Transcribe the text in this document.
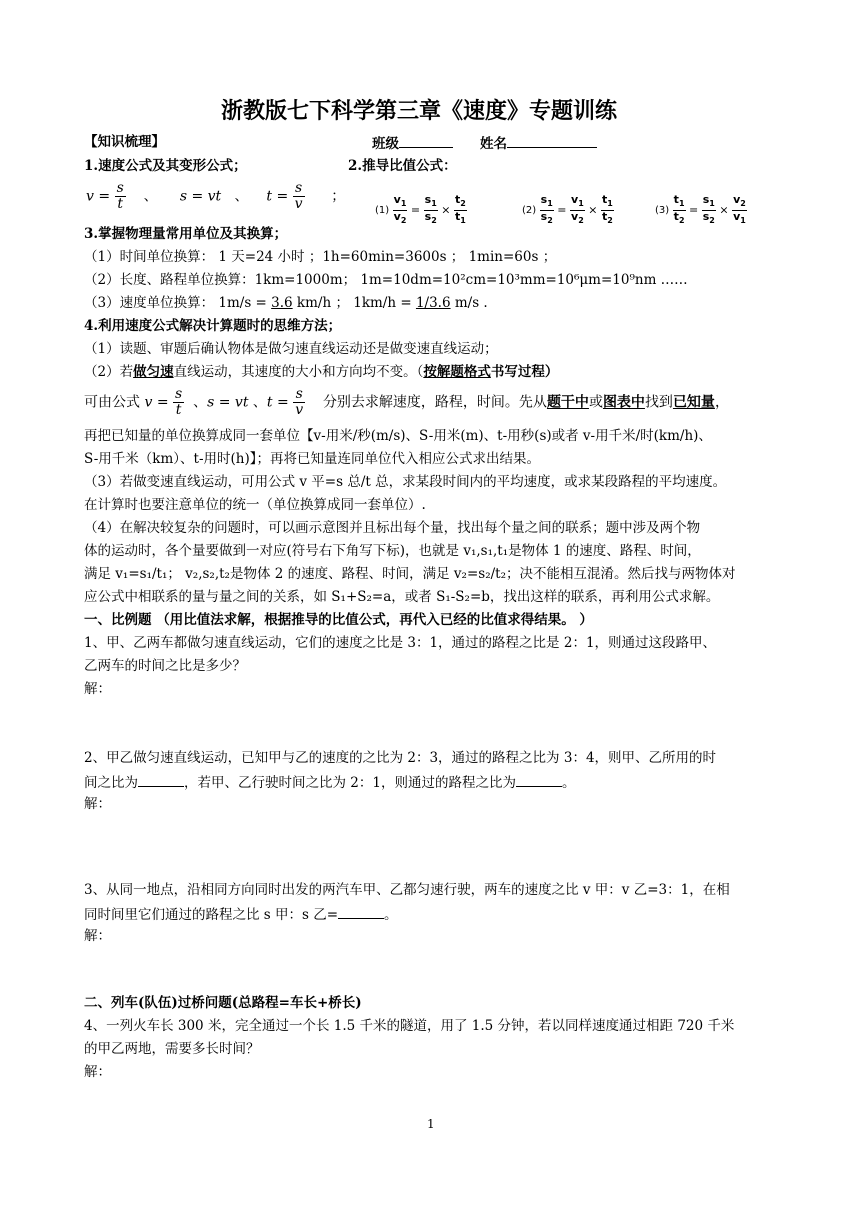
浙教版七下科学第三章《速度》专题训练
【知识梳理】	班级	姓名
1.速度公式及其变形公式；	2.推导比值公式：
$v = \frac{s}{t}$ 、 s = vt 、 $t = \frac{s}{v}$ ；
$(1) \frac{v_1}{v_2} = \frac{s_1}{s_2} \times \frac{t_2}{t_1}$	$(2) \frac{s_1}{s_2} = \frac{v_1}{v_2} \times \frac{t_1}{t_2}$	$(3) \frac{t_1}{t_2} = \frac{s_1}{s_2} \times \frac{v_2}{v_1}$
3.掌握物理量常用单位及其换算；
（1）时间单位换算： 1 天=24 小时 ；1h=60min=3600s ； 1min=60s ；
（2）长度、路程单位换算：1km=1000m； 1m=10dm=10²cm=10³mm=10⁶μm=10⁹nm ……
（3）速度单位换算： 1m/s = 3.6 km/h ； 1km/h = 1/3.6 m/s .
4.利用速度公式解决计算题时的思维方法；
（1）读题、审题后确认物体是做匀速直线运动还是做变速直线运动；
（2）若做匀速直线运动，其速度的大小和方向均不变。（按解题格式书写过程）
可由公式 $v = \frac{s}{t}$ 、s = vt 、$t = \frac{s}{v}$ 分别去求解速度，路程，时间。先从题干中或图表中找到已知量，
再把已知量的单位换算成同一套单位【v-用米/秒(m/s)、S-用米(m)、t-用秒(s)或者 v-用千米/时(km/h)、
S-用千米（km）、t-用时(h)】；再将已知量连同单位代入相应公式求出结果。
（3）若做变速直线运动，可用公式 v 平=s 总/t 总，求某段时间内的平均速度，或求某段路程的平均速度。
在计算时也要注意单位的统一（单位换算成同一套单位）.
（4）在解决较复杂的问题时，可以画示意图并且标出每个量，找出每个量之间的联系；题中涉及两个物
体的运动时，各个量要做到一对应(符号右下角写下标)，也就是 v₁,s₁,t₁是物体 1 的速度、路程、时间，
满足 v₁=s₁/t₁； v₂,s₂,t₂是物体 2 的速度、路程、时间，满足 v₂=s₂/t₂；决不能相互混淆。然后找与两物体对
应公式中相联系的量与量之间的关系，如 S₁+S₂=a，或者 S₁-S₂=b，找出这样的联系，再利用公式求解。
一、比例题 （用比值法求解，根据推导的比值公式，再代入已经的比值求得结果。 ）
1、甲、乙两车都做匀速直线运动，它们的速度之比是 3：1，通过的路程之比是 2：1，则通过这段路甲、
乙两车的时间之比是多少？
解：
2、甲乙做匀速直线运动，已知甲与乙的速度的之比为 2：3，通过的路程之比为 3：4，则甲、乙所用的时
间之比为	，若甲、乙行驶时间之比为 2：1，则通过的路程之比为	。
解：
3、从同一地点，沿相同方向同时出发的两汽车甲、乙都匀速行驶，两车的速度之比 v 甲：v 乙=3：1，在相
同时间里它们通过的路程之比 s 甲：s 乙=	。
解：
二、列车(队伍)过桥问题(总路程=车长+桥长)
4、一列火车长 300 米，完全通过一个长 1.5 千米的隧道，用了 1.5 分钟，若以同样速度通过相距 720 千米
的甲乙两地，需要多长时间？
解：
1
